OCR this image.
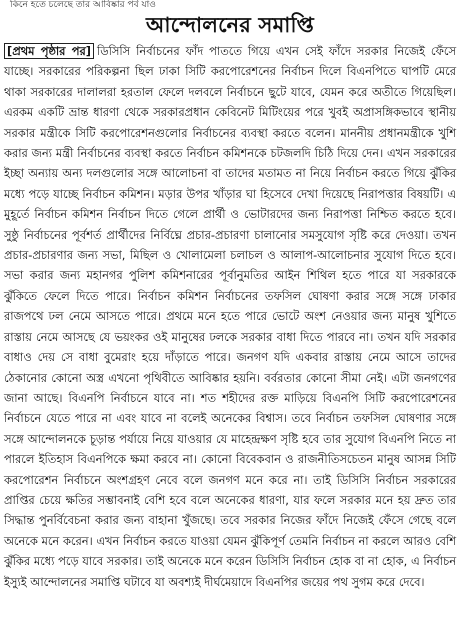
কিনে হতে চলেছে তার আবিষ্কার পর্ব যাও
আন্দোলনের সমাপ্তি

[প্রথম পৃষ্ঠার পর] ডিসিসি নির্বাচনের ফাঁদ পাততে গিয়ে এখন সেই ফাঁদে সরকার নিজেই ফেঁসে যাচ্ছে। সরকারের পরিকল্পনা ছিল ঢাকা সিটি করপোরেশনের নির্বাচন দিলে বিএনপিতে ঘাপটি মেরে থাকা সরকারের দালালরা হরতাল ফেলে দলবলে নির্বাচনে ছুটে যাবে, যেমন করে অতীতে গিয়েছিল। এরকম একটি ভ্রান্ত ধারণা থেকে সরকারপ্রধান কেবিনেট মিটিংয়ের পরে খুবই অপ্রাসঙ্গিকভাবে স্থানীয় সরকার মন্ত্রীকে সিটি করপোরেশনগুলোর নির্বাচনের ব্যবস্থা করতে বলেন। মাননীয় প্রধানমন্ত্রীকে খুশি করার জন্য মন্ত্রী নির্বাচনের ব্যবস্থা করতে নির্বাচন কমিশনকে চটজলদি চিঠি দিয়ে দেন। এখন সরকারের ইচ্ছা অন্যায় অন্য দলগুলোর সঙ্গে আলোচনা বা তাদের মতামত না নিয়ে নির্বাচন করতে গিয়ে ঝুঁকির মধ্যে পড়ে যাচ্ছে নির্বাচন কমিশন। মড়ার উপর খাঁড়ার ঘা হিসেবে দেখা দিয়েছে নিরাপত্তার বিষয়টি। এ মুহূর্তে নির্বাচন কমিশন নির্বাচন দিতে গেলে প্রার্থী ও ভোটারদের জন্য নিরাপত্তা নিশ্চিত করতে হবে। সুষ্ঠু নির্বাচনের পূর্বশর্ত প্রার্থীদের নির্বিঘ্নে প্রচার-প্রচারণা চালানোর সমসুযোগ সৃষ্টি করে দেওয়া। তখন প্রচার-প্রচারণার জন্য সভা, মিছিল ও খোলামেলা চলাচল ও আলাপ-আলোচনার সুযোগ দিতে হবে। সভা করার জন্য মহানগর পুলিশ কমিশনারের পূর্বানুমতির আইন শিথিল হতে পারে যা সরকারকে ঝুঁকিতে ফেলে দিতে পারে। নির্বাচন কমিশন নির্বাচনের তফসিল ঘোষণা করার সঙ্গে সঙ্গে ঢাকার রাজপথে ঢল নেমে আসতে পারে। প্রথমে মনে হতে পারে ভোটে অংশ নেওয়ার জন্য মানুষ খুশিতে রাস্তায় নেমে আসছে যে ভয়ংকর ওই মানুষের ঢলকে সরকার বাধা দিতে পারবে না। তখন যদি সরকার বাধাও দেয় সে বাধা বুমেরাং হয়ে দাঁড়াতে পারে। জনগণ যদি একবার রাস্তায় নেমে আসে তাদের ঠেকানোর কোনো অস্ত্র এখনো পৃথিবীতে আবিষ্কার হয়নি। বর্বরতার কোনো সীমা নেই। এটা জনগণের জানা আছে। বিএনপি নির্বাচনে যাবে না। শত শহীদের রক্ত মাড়িয়ে বিএনপি সিটি করপোরেশনের নির্বাচনে যেতে পারে না এবং যাবে না বলেই অনেকের বিশ্বাস। তবে নির্বাচন তফসিল ঘোষণার সঙ্গে সঙ্গে আন্দোলনকে চূড়ান্ত পর্যায়ে নিয়ে যাওয়ার যে মাহেন্দ্রক্ষণ সৃষ্টি হবে তার সুযোগ বিএনপি নিতে না পারলে ইতিহাস বিএনপিকে ক্ষমা করবে না। কোনো বিবেকবান ও রাজনীতিসচেতন মানুষ আসন্ন সিটি করপোরেশন নির্বাচনে অংশগ্রহণ নেবে বলে জনগণ মনে করে না। তাই ডিসিসি নির্বাচন সরকারের প্রাপ্তির চেয়ে ক্ষতির সম্ভাবনাই বেশি হবে বলে অনেকের ধারণা, যার ফলে সরকার মনে হয় দ্রুত তার সিদ্ধান্ত পুনর্বিবেচনা করার জন্য বাহানা খুঁজছে। তবে সরকার নিজের ফাঁদে নিজেই ফেঁসে গেছে বলে অনেকে মনে করেন। এখন নির্বাচন করতে যাওয়া যেমন ঝুঁকিপূর্ণ তেমনি নির্বাচন না করলে আরও বেশি ঝুঁকির মধ্যে পড়ে যাবে সরকার। তাই অনেকে মনে করেন ডিসিসি নির্বাচন হোক বা না হোক, এ নির্বাচন ইস্যুই আন্দোলনের সমাপ্তি ঘটাবে যা অবশ্যই দীর্ঘমেয়াদে বিএনপির জয়ের পথ সুগম করে দেবে।
